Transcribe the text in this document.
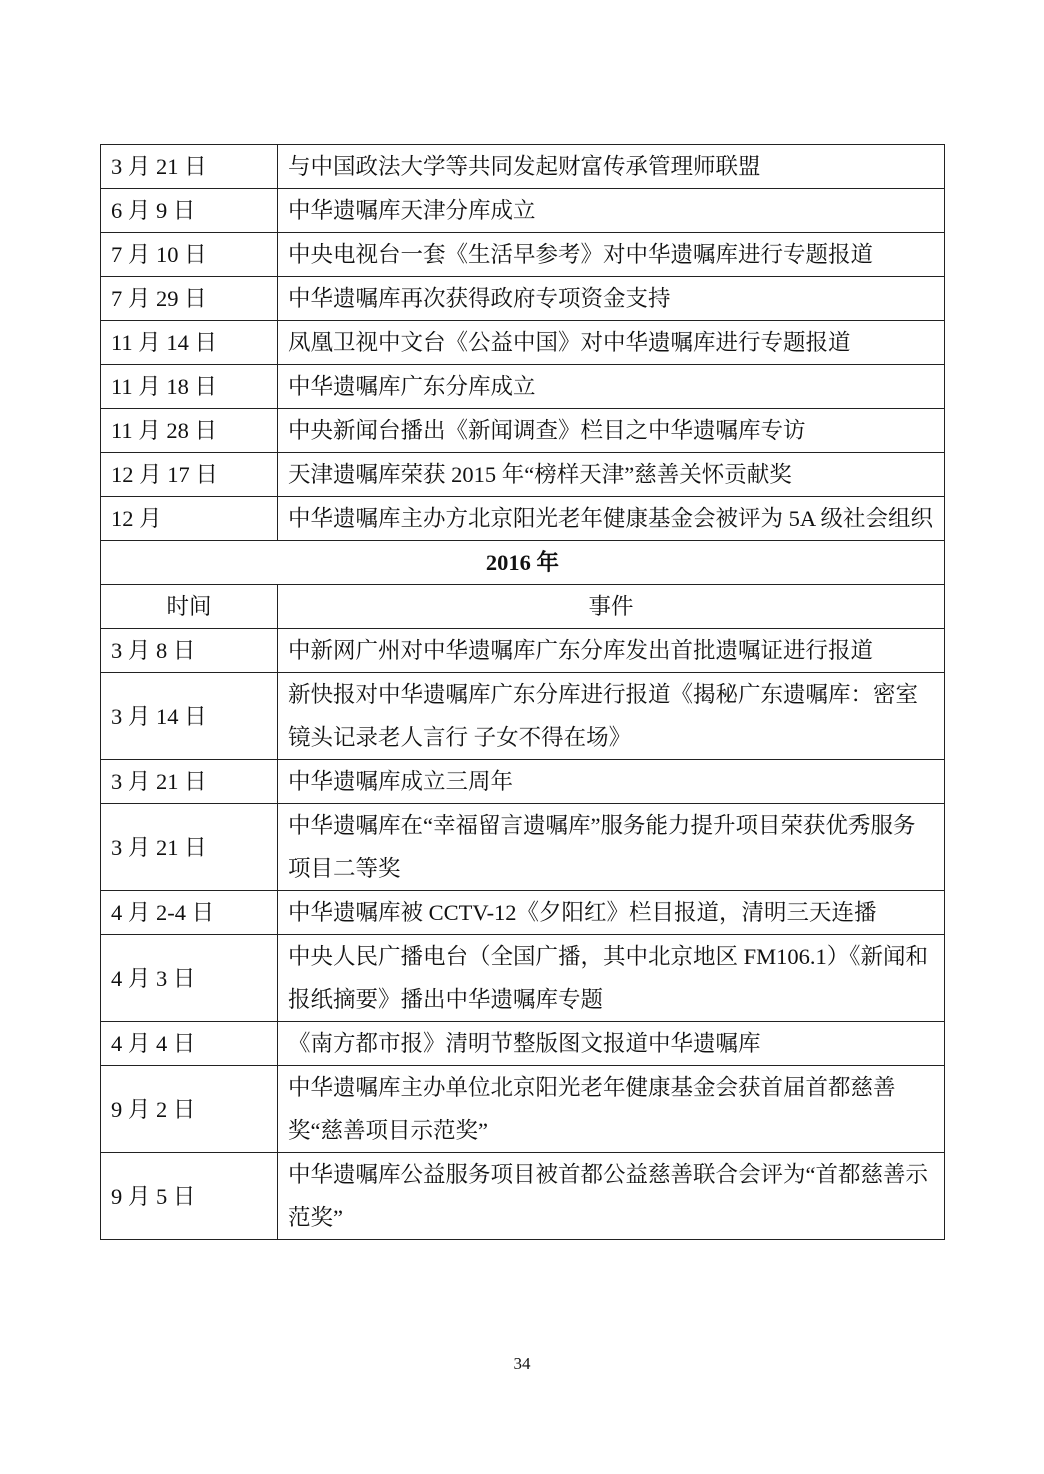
3 月 21 日	与中国政法大学等共同发起财富传承管理师联盟
6 月 9 日	中华遗嘱库天津分库成立
7 月 10 日	中央电视台一套《生活早参考》对中华遗嘱库进行专题报道
7 月 29 日	中华遗嘱库再次获得政府专项资金支持
11 月 14 日	凤凰卫视中文台《公益中国》对中华遗嘱库进行专题报道
11 月 18 日	中华遗嘱库广东分库成立
11 月 28 日	中央新闻台播出《新闻调查》栏目之中华遗嘱库专访
12 月 17 日	天津遗嘱库荣获 2015 年“榜样天津”慈善关怀贡献奖
12 月	中华遗嘱库主办方北京阳光老年健康基金会被评为 5A 级社会组织
2016 年	
时间	事件
3 月 8 日	中新网广州对中华遗嘱库广东分库发出首批遗嘱证进行报道
3 月 14 日	新快报对中华遗嘱库广东分库进行报道《揭秘广东遗嘱库：密室镜头记录老人言行 子女不得在场》
3 月 21 日	中华遗嘱库成立三周年
3 月 21 日	中华遗嘱库在“幸福留言遗嘱库”服务能力提升项目荣获优秀服务项目二等奖
4 月 2-4 日	中华遗嘱库被 CCTV-12《夕阳红》栏目报道，清明三天连播
4 月 3 日	中央人民广播电台（全国广播，其中北京地区 FM106.1）《新闻和报纸摘要》播出中华遗嘱库专题
4 月 4 日	《南方都市报》清明节整版图文报道中华遗嘱库
9 月 2 日	中华遗嘱库主办单位北京阳光老年健康基金会获首届首都慈善奖“慈善项目示范奖”
9 月 5 日	中华遗嘱库公益服务项目被首都公益慈善联合会评为“首都慈善示范奖”
34
